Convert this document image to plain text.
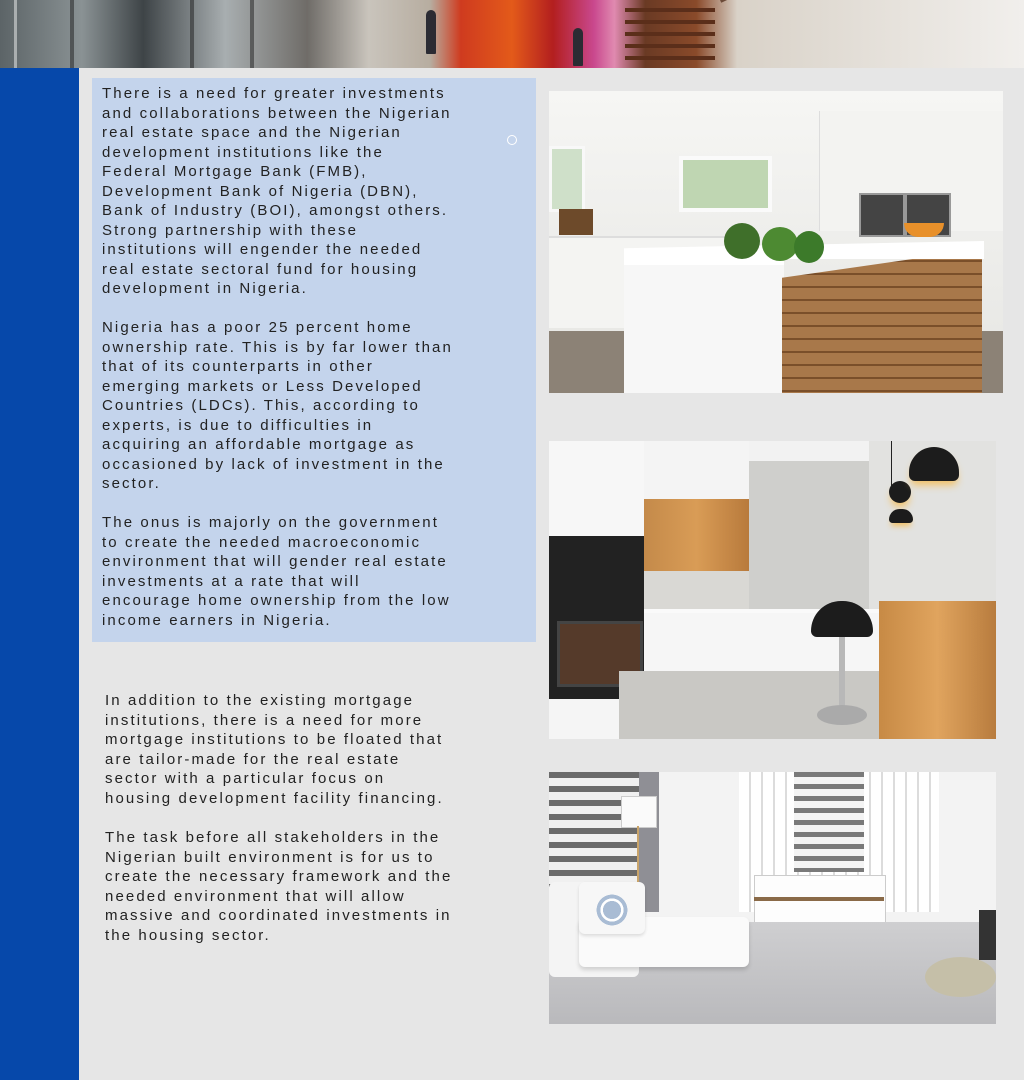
There is a need for greater investments
and collaborations between the Nigerian
real estate space and the Nigerian
development institutions like the
Federal Mortgage Bank (FMB),
Development Bank of Nigeria (DBN),
Bank of Industry (BOI), amongst others.
Strong partnership with these
institutions will engender the needed
real estate sectoral fund for housing
development in Nigeria.

Nigeria has a poor 25 percent home
ownership rate. This is by far lower than
that of its counterparts in other
emerging markets or Less Developed
Countries (LDCs). This, according to
experts, is due to difficulties in
acquiring an affordable mortgage as
occasioned by lack of investment in the
sector.

The onus is majorly on the government
to create the needed macroeconomic
environment that will gender real estate
investments at a rate that will
encourage home ownership from the low
income earners in Nigeria.

In addition to the existing mortgage
institutions, there is a need for more
mortgage institutions to be floated that
are tailor-made for the real estate
sector with a particular focus on
housing development facility financing.

The task before all stakeholders in the
Nigerian built environment is for us to
create the necessary framework and the
needed environment that will allow
massive and coordinated investments in
the housing sector.
